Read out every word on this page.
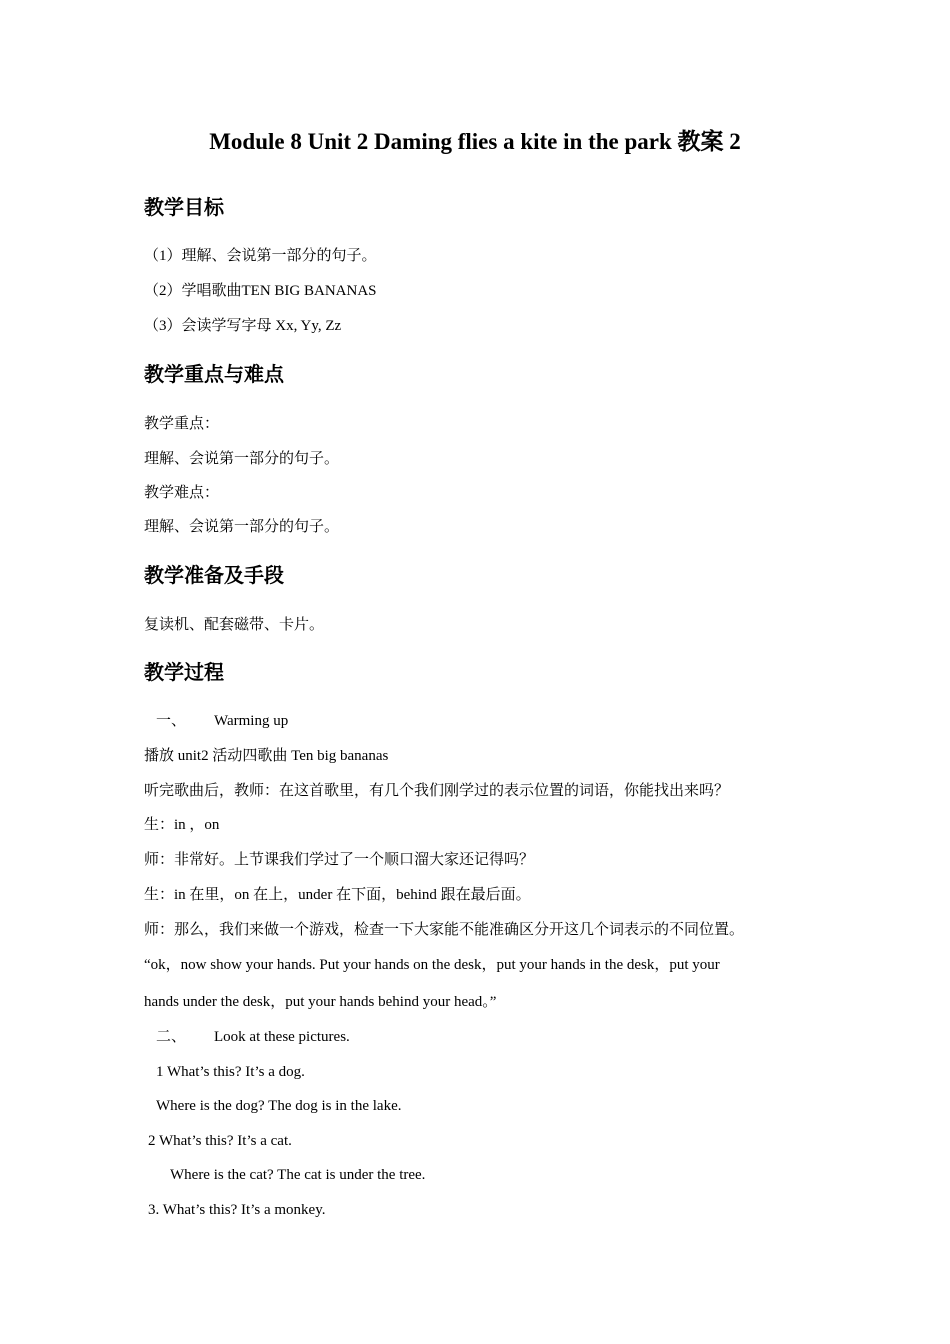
Module 8 Unit 2 Daming flies a kite in the park 教案 2
教学目标
（1）理解、会说第一部分的句子。
（2）学唱歌曲TEN BIG BANANAS
（3）会读学写字母 Xx, Yy, Zz
教学重点与难点
教学重点：
理解、会说第一部分的句子。
教学难点：
理解、会说第一部分的句子。
教学准备及手段
复读机、配套磁带、卡片。
教学过程
一、 Warming up
播放 unit2 活动四歌曲 Ten big bananas
听完歌曲后，教师：在这首歌里，有几个我们刚学过的表示位置的词语，你能找出来吗？
生：in ，on
师：非常好。上节课我们学过了一个顺口溜大家还记得吗？
生：in 在里，on 在上，under 在下面，behind 跟在最后面。
师：那么，我们来做一个游戏，检查一下大家能不能准确区分开这几个词表示的不同位置。
“ok，now show your hands. Put your hands on the desk，put your hands in the desk，put your
hands under the desk，put your hands behind your head。”
二、 Look at these pictures.
1 What’s this? It’s a dog.
Where is the dog? The dog is in the lake.
2 What’s this? It’s a cat.
Where is the cat? The cat is under the tree.
3. What’s this? It’s a monkey.
